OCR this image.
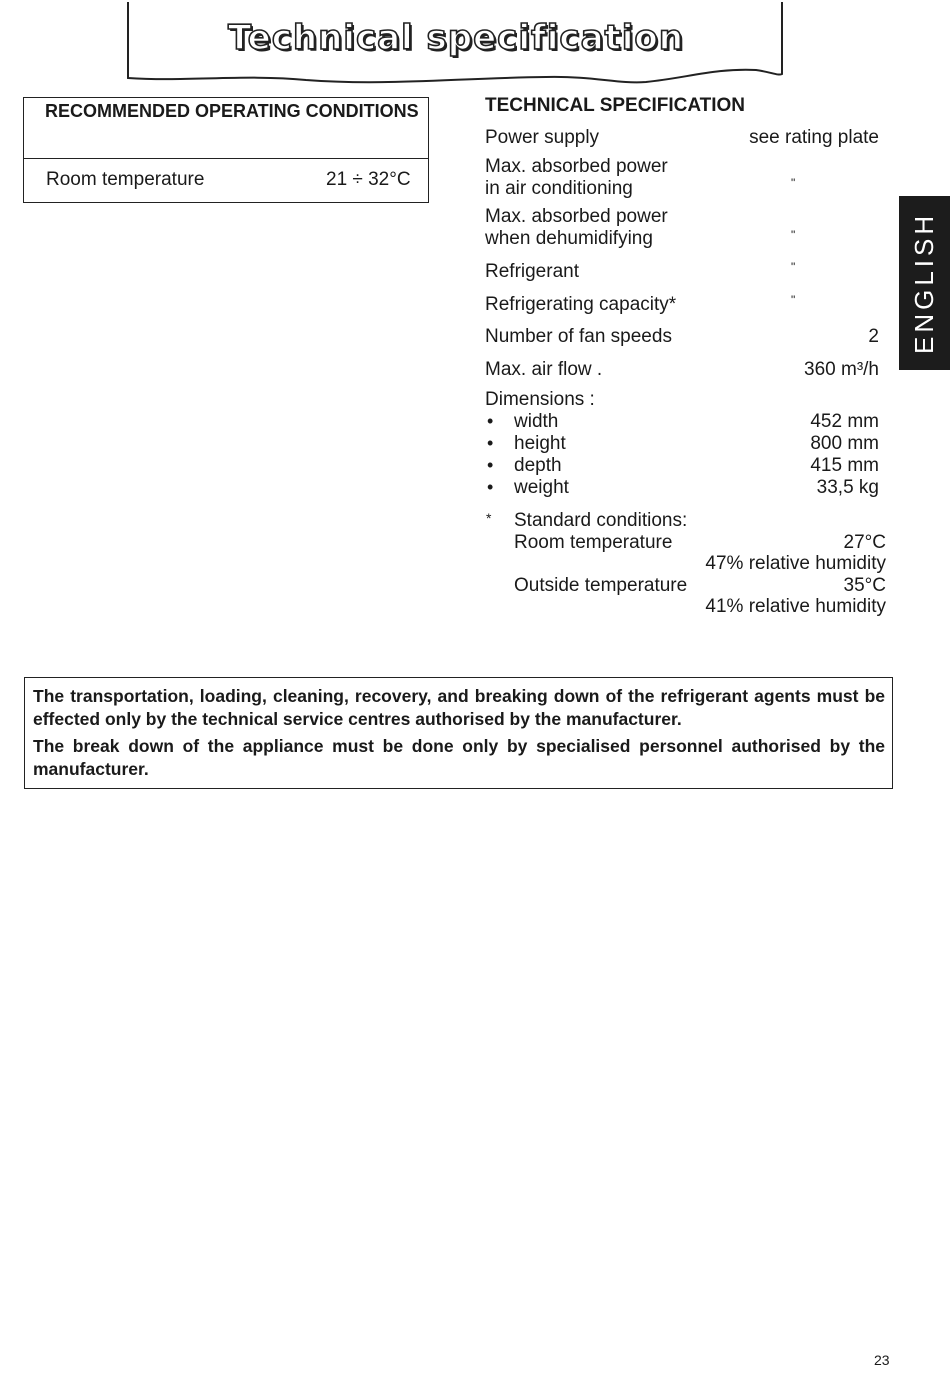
Technical specification
RECOMMENDED OPERATING CONDITIONS
Room temperature	21 ÷ 32°C
TECHNICAL SPECIFICATION
Power supply	see rating plate
Max. absorbed power
in air conditioning	"
Max. absorbed power
when dehumidifying	"
Refrigerant	"
Refrigerating capacity*	"
Number of fan speeds	2
Max. air flow .	360 m³/h
Dimensions :
• width	452 mm
• height	800 mm
• depth	415 mm
• weight	33,5 kg
* Standard conditions:
Room temperature	27°C
47% relative humidity
Outside temperature	35°C
41% relative humidity
The transportation, loading, cleaning, recovery, and breaking down of the refrigerant agents must be effected only by the technical service centres authorised by the manufacturer.
The break down of the appliance must be done only by specialised personnel authorised by the manufacturer.
ENGLISH
23
